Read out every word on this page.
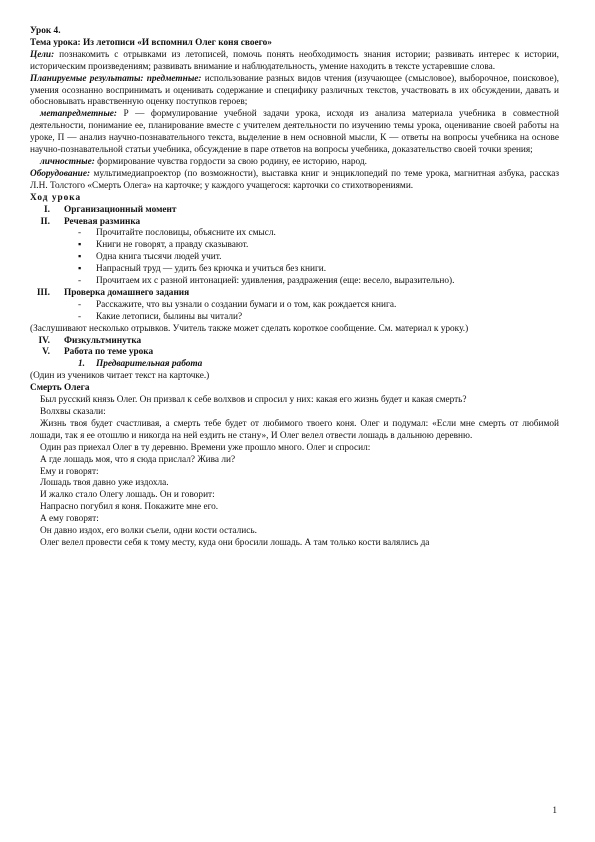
Урок 4.

Тема урока: Из летописи «И вспомнил Олег коня своего»

Цели: познакомить с отрывками из летописей, помочь понять необходимость знания истории; развивать интерес к истории, историческим произведениям; развивать внимание и наблюдательность, умение находить в тексте устаревшие слова.

Планируемые результаты: предметные: использование разных видов чтения (изучающее (смысловое), выборочное, поисковое), умения осознанно воспринимать и оценивать содержание и специфику различных текстов, участвовать в их обсуждении, давать и обосновывать нравственную оценку поступков героев;

метапредметные: Р — формулирование учебной задачи урока, исходя из анализа материала учебника в совместной деятельности, понимание ее, планирование вместе с учителем деятельности по изучению темы урока, оценивание своей работы на уроке, П — анализ научно-познавательного текста, выделение в нем основной мысли, К — ответы на вопросы учебника на основе научно-познавательной статьи учебника, обсуждение в паре ответов на вопросы учебника, доказательство своей точки зрения;

личностные: формирование чувства гордости за свою родину, ее историю, народ.

Оборудование: мультимедиапроектор (по возможности), выставка книг и энциклопедий по теме урока, магнитная азбука, рассказ Л.Н. Толстого «Смерть Олега» на карточке; у каждого учащегося: карточки со стихотворениями.

Ход урока

I.	Организационный момент
II.	Речевая разминка
-	Прочитайте пословицы, объясните их смысл.
▪	Книги не говорят, а правду сказывают.
▪	Одна книга тысячи людей учит.
▪	Напрасный труд — удить без крючка и учиться без книги.
-	Прочитаем их с разной интонацией: удивления, раздражения (еще: весело, выразительно).
III.	Проверка домашнего задания
-	Расскажите, что вы узнали о создании бумаги и о том, как рождается книга.
-	Какие летописи, былины вы читали?

(Заслушивают несколько отрывков. Учитель также может сделать короткое сообщение. См. материал к уроку.)

IV.	Физкультминутка
V.	Работа по теме урока
1.	Предварительная работа

(Один из учеников читает текст на карточке.)

Смерть Олега

Был русский князь Олег. Он призвал к себе волхвов и спросил у них: какая его жизнь будет и какая смерть?

Волхвы сказали:

Жизнь твоя будет счастливая, а смерть тебе будет от любимого твоего коня. Олег и подумал: «Если мне смерть от любимой лошади, так я ее отошлю и никогда на ней ездить не стану», И Олег велел отвести лошадь в дальнюю деревню.

Один раз приехал Олег в ту деревню. Времени уже прошло много. Олег и спросил:

А где лошадь моя, что я сюда прислал? Жива ли?

Ему и говорят:

Лошадь твоя давно уже издохла.

И жалко стало Олегу лошадь. Он и говорит:

Напрасно погубил я коня. Покажите мне его.

А ему говорят:

Он давно издох, его волки съели, одни кости остались.

Олег велел провести себя к тому месту, куда они бросили лошадь. А там только кости валялись да

1
